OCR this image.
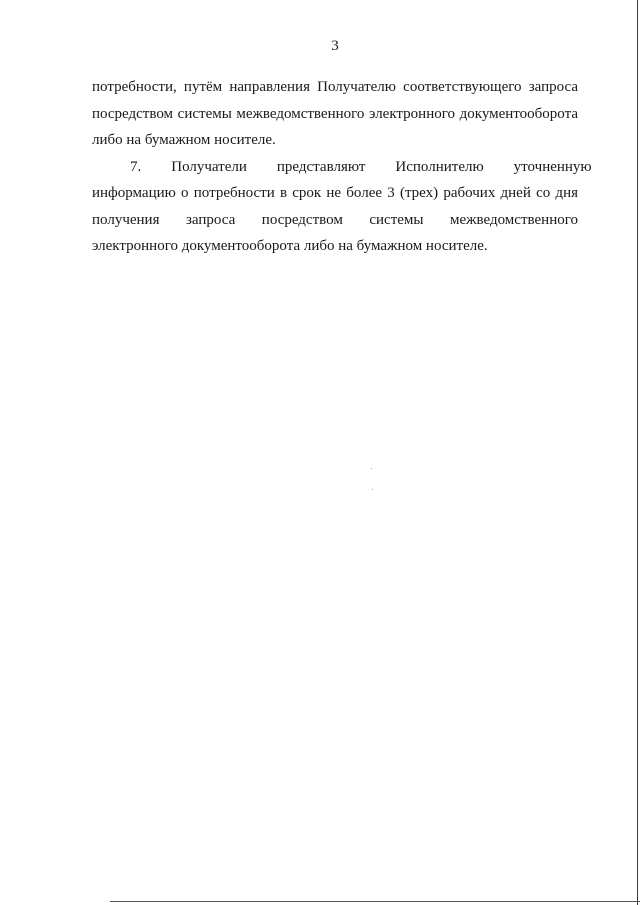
3

потребности, путём направления Получателю соответствующего запроса
посредством системы межведомственного электронного документооборота
либо на бумажном носителе.

7.        Получатели        представляют        Исполнителю        уточненную
информацию о потребности в срок не более 3 (трех) рабочих дней со дня
получения запроса посредством системы межведомственного
электронного документооборота либо на бумажном носителе.
